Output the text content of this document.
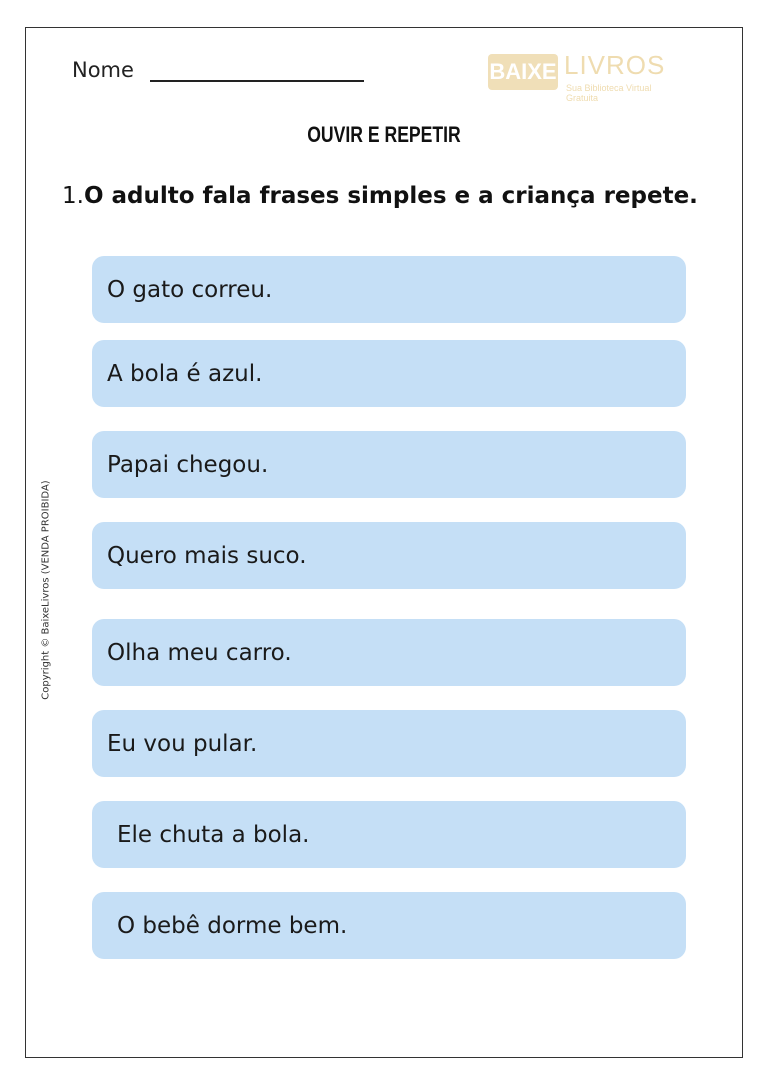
Nome	BAIXE LIVROS
Sua Biblioteca Virtual Gratuita
OUVIR E REPETIR
1.O adulto fala frases simples e a criança repete.
Copyright © BaixeLivros (VENDA PROIBIDA)
O gato correu.
A bola é azul.
Papai chegou.
Quero mais suco.
Olha meu carro.
Eu vou pular.
Ele chuta a bola.
O bebê dorme bem.
